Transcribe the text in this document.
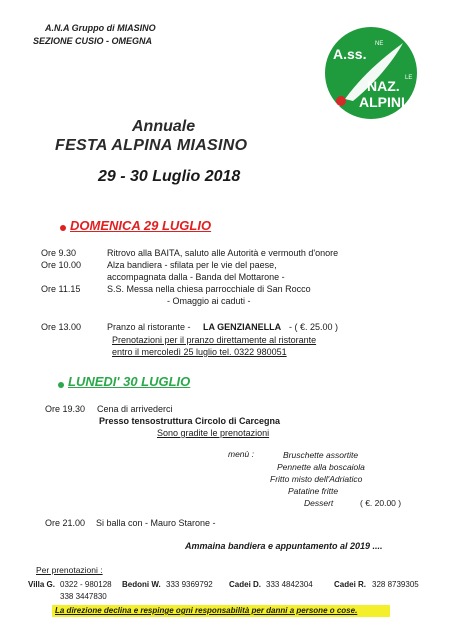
A.N.A Gruppo di MIASINO
SEZIONE CUSIO - OMEGNA
A.ss.
NE
LE
NAZ.
ALPINI
Annuale
FESTA ALPINA MIASINO
29 - 30 Luglio 2018
DOMENICA 29 LUGLIO
Ore 9.30	Ritrovo alla BAITA, saluto alle Autorità e vermouth d'onore
Ore 10.00	Alza bandiera - sfilata per le vie del paese,
accompagnata dalla - Banda del Mottarone -
Ore 11.15	S.S. Messa nella chiesa parrocchiale di San Rocco
- Omaggio ai caduti -
Ore 13.00	Pranzo al ristorante - LA GENZIANELLA - ( €. 25.00 )
Prenotazioni per il pranzo direttamente al ristorante
entro il mercoledì 25 luglio tel. 0322 980051
LUNEDI' 30 LUGLIO
Ore 19.30 Cena di arrivederci
Presso tensostruttura Circolo di Carcegna
Sono gradite le prenotazioni
menù :	Bruschette assortite
Pennette alla boscaiola
Fritto misto dell'Adriatico
Patatine fritte
Dessert	( €. 20.00 )
Ore 21.00 Si balla con - Mauro Starone -
Ammaina bandiera e appuntamento al 2019 ....
Per prenotazioni :
Villa G. 0322 - 980128
338 3447830
Bedoni W. 333 9369792 Cadei D. 333 4842304	Cadei R. 328 8739305
La direzione declina e respinge ogni responsabilità per danni a persone o cose.
